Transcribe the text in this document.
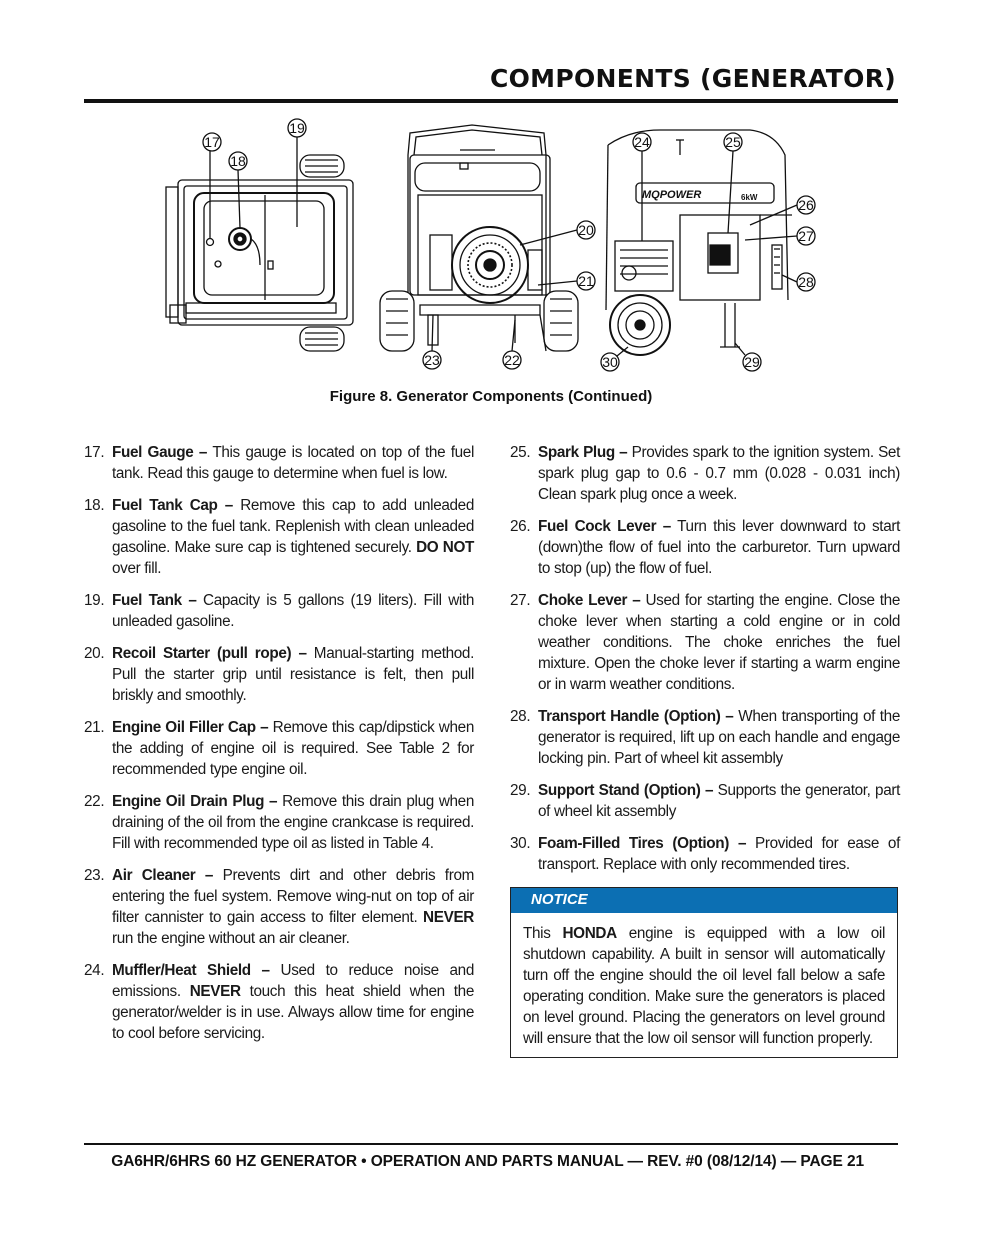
COMPONENTS (GENERATOR)
MQPOWER	6kW
17
18
19
20
21
22
23
24	25
26
27
28
29
30
Figure 8. Generator Components (Continued)
17. Fuel Gauge – This gauge is located on top of the fuel tank. Read this gauge to determine when fuel is low.
18. Fuel Tank Cap – Remove this cap to add unleaded gasoline to the fuel tank. Replenish with clean unleaded gasoline. Make sure cap is tightened securely. DO NOT over fill.
19. Fuel Tank – Capacity is 5 gallons (19 liters). Fill with unleaded gasoline.
20. Recoil Starter (pull rope) – Manual-starting method. Pull the starter grip until resistance is felt, then pull briskly and smoothly.
21. Engine Oil Filler Cap – Remove this cap/dipstick when the adding of engine oil is required. See Table 2 for recommended type engine oil.
22. Engine Oil Drain Plug – Remove this drain plug when draining of the oil from the engine crankcase is required. Fill with recommended type oil as listed in Table 4.
23. Air Cleaner – Prevents dirt and other debris from entering the fuel system. Remove wing-nut on top of air filter cannister to gain access to filter element. NEVER run the engine without an air cleaner.
24. Muffler/Heat Shield – Used to reduce noise and emissions. NEVER touch this heat shield when the generator/welder is in use. Always allow time for engine to cool before servicing.
25. Spark Plug – Provides spark to the ignition system. Set spark plug gap to 0.6 - 0.7 mm (0.028 - 0.031 inch) Clean spark plug once a week.
26. Fuel Cock Lever – Turn this lever downward to start (down)the flow of fuel into the carburetor. Turn upward to stop (up) the flow of fuel.
27. Choke Lever – Used for starting the engine. Close the choke lever when starting a cold engine or in cold weather conditions. The choke enriches the fuel mixture. Open the choke lever if starting a warm engine or in warm weather conditions.
28. Transport Handle (Option) – When transporting of the generator is required, lift up on each handle and engage locking pin. Part of wheel kit assembly
29. Support Stand (Option) – Supports the generator, part of wheel kit assembly
30. Foam-Filled Tires (Option) – Provided for ease of transport. Replace with only recommended tires.
NOTICE
This HONDA engine is equipped with a low oil shutdown capability. A built in sensor will automatically turn off the engine should the oil level fall below a safe operating condition. Make sure the generators is placed on level ground. Placing the generators on level ground will ensure that the low oil sensor will function properly.
GA6HR/6HRS 60 HZ GENERATOR • OPERATION AND PARTS MANUAL — REV. #0 (08/12/14) — PAGE 21
